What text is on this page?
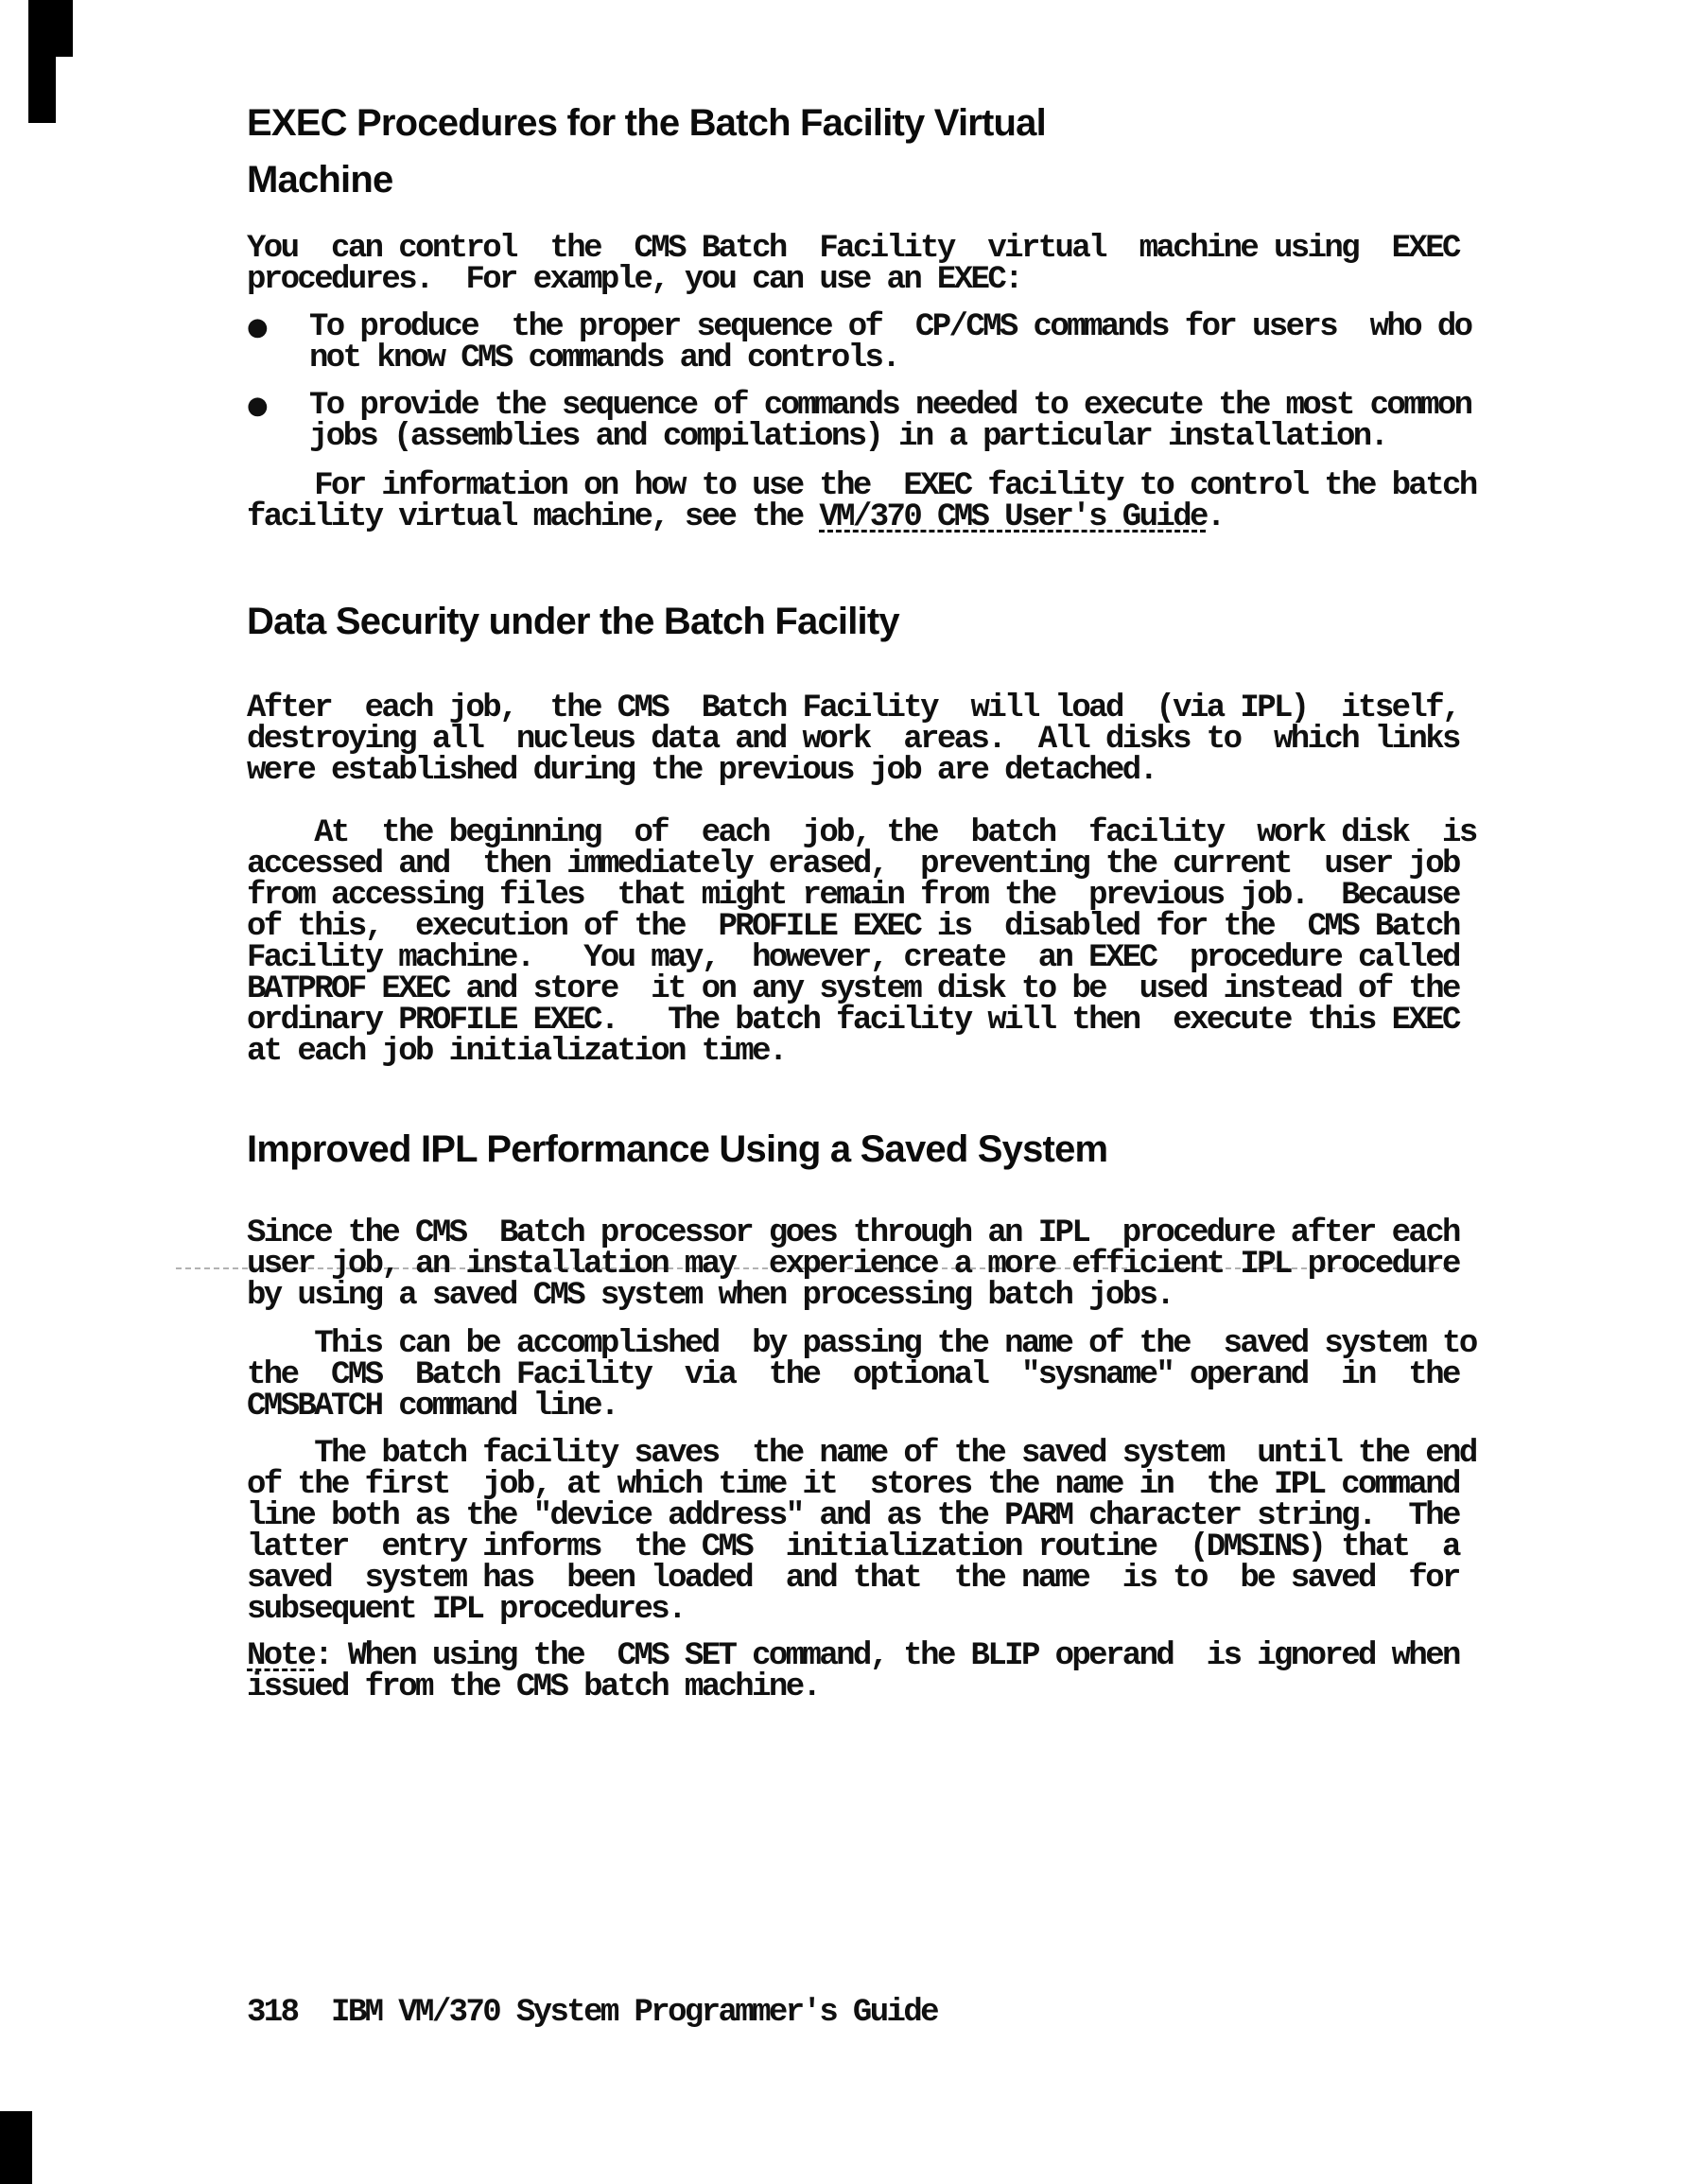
EXEC Procedures for the Batch Facility Virtual
Machine
You  can control  the  CMS Batch  Facility  virtual  machine using  EXEC
procedures.  For example, you can use an EXEC:
●	To produce  the proper sequence of  CP/CMS commands for users  who do
not know CMS commands and controls.
●	To provide the sequence of commands needed to execute the most common
jobs (assemblies and compilations) in a particular installation.
For information on how to use the  EXEC facility to control the batch
facility virtual machine, see the VM/370 CMS User's Guide.
Data Security under the Batch Facility
After  each job,  the CMS  Batch Facility  will load  (via IPL)  itself,
destroying all  nucleus data and work  areas.  All disks to  which links
were established during the previous job are detached.
At  the beginning  of  each  job, the  batch  facility  work disk  is
accessed and  then immediately erased,  preventing the current  user job
from accessing files  that might remain from the  previous job.  Because
of this,  execution of the  PROFILE EXEC is  disabled for the  CMS Batch
Facility machine.   You may,  however, create  an EXEC  procedure called
BATPROF EXEC and store  it on any system disk to be  used instead of the
ordinary PROFILE EXEC.   The batch facility will then  execute this EXEC
at each job initialization time.
Improved IPL Performance Using a Saved System
Since the CMS  Batch processor goes through an IPL  procedure after each
user job, an installation may  experience a more efficient IPL procedure
by using a saved CMS system when processing batch jobs.
This can be accomplished  by passing the name of the  saved system to
the  CMS  Batch Facility  via  the  optional  "sysname" operand  in  the
CMSBATCH command line.
The batch facility saves  the name of the saved system  until the end
of the first  job, at which time it  stores the name in  the IPL command
line both as the "device address" and as the PARM character string.  The
latter  entry informs  the CMS  initialization routine  (DMSINS) that  a
saved  system has  been loaded  and that  the name  is to  be saved  for
subsequent IPL procedures.
Note: When using the  CMS SET command, the BLIP operand  is ignored when
issued from the CMS batch machine.
318  IBM VM/370 System Programmer's Guide
